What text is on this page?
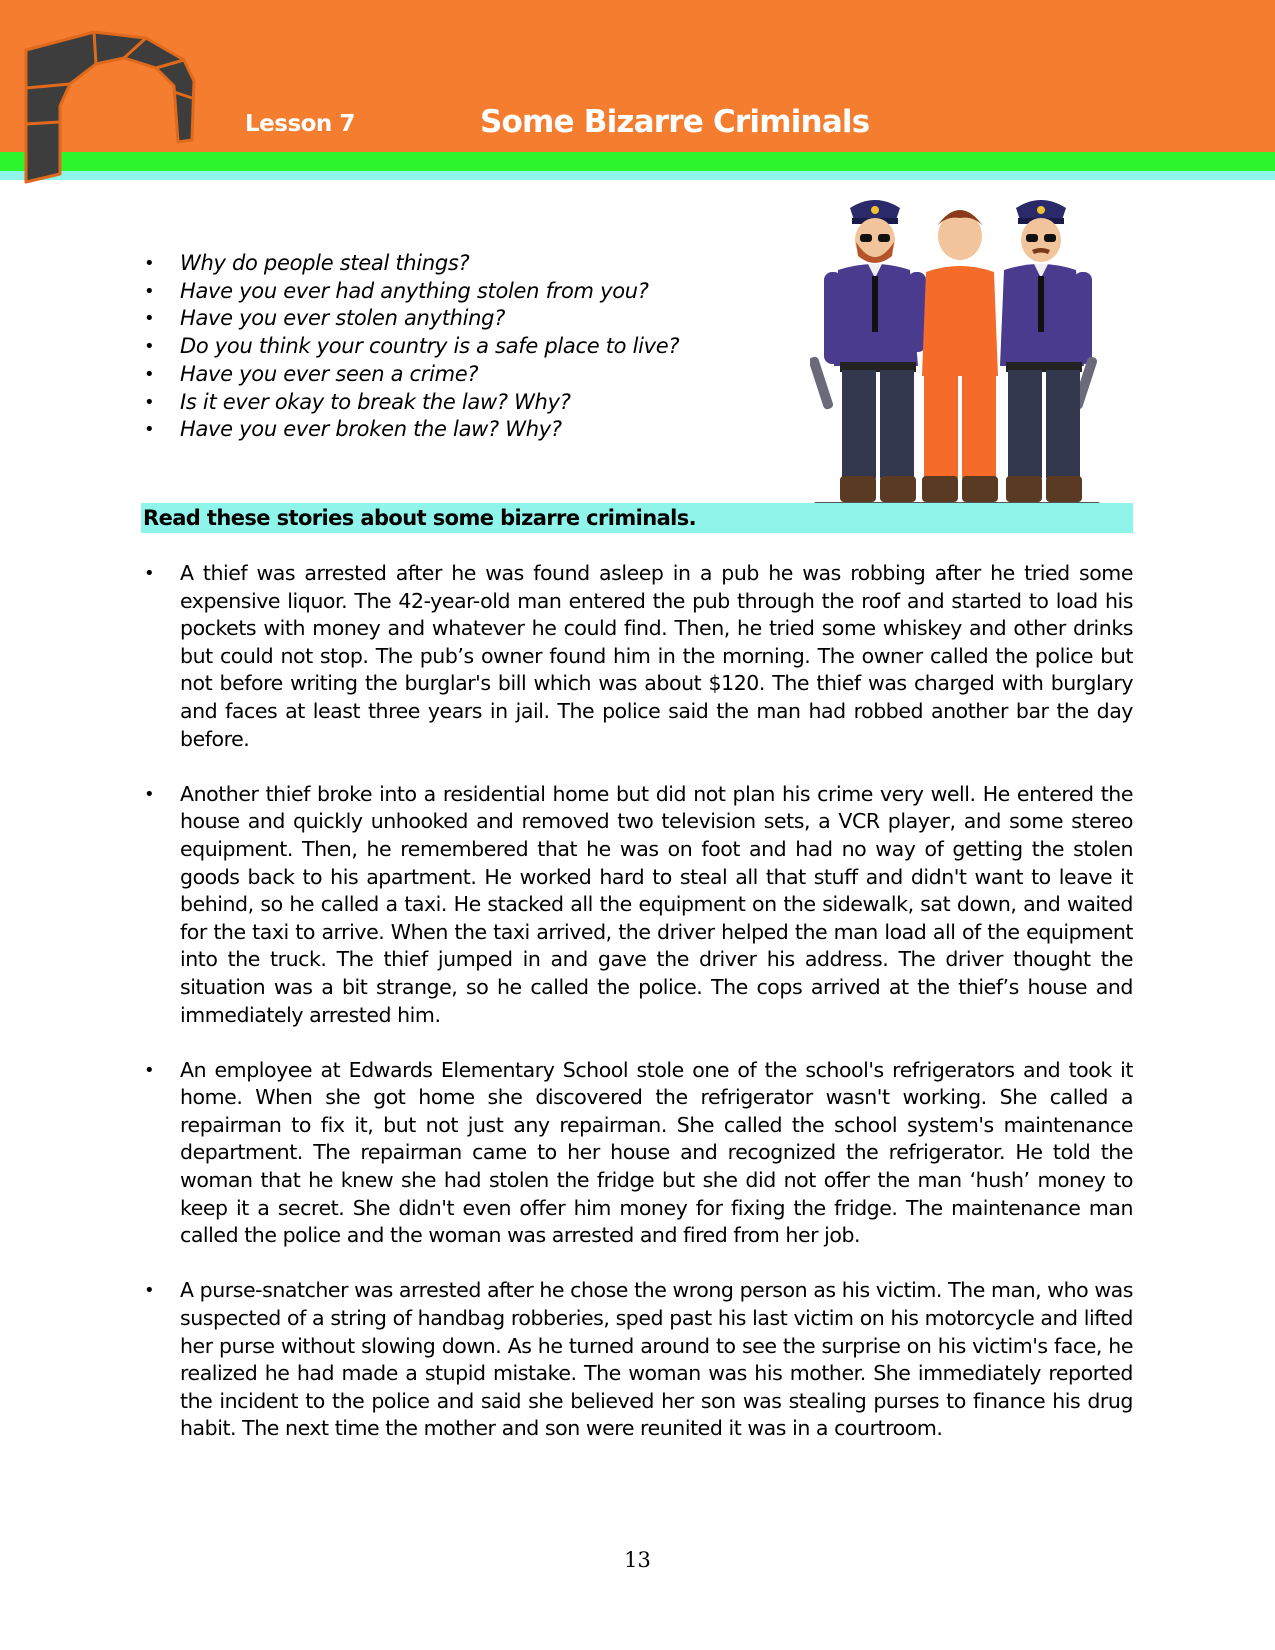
Lesson 7	Some Bizarre Criminals
• Why do people steal things?
• Have you ever had anything stolen from you?
• Have you ever stolen anything?
• Do you think your country is a safe place to live?
• Have you ever seen a crime?
• Is it ever okay to break the law? Why?
• Have you ever broken the law? Why?
Read these stories about some bizarre criminals.
• A thief was arrested after he was found asleep in a pub he was robbing after he tried some expensive liquor. The 42-year-old man entered the pub through the roof and started to load his pockets with money and whatever he could find. Then, he tried some whiskey and other drinks but could not stop. The pub’s owner found him in the morning. The owner called the police but not before writing the burglar's bill which was about $120. The thief was charged with burglary and faces at least three years in jail. The police said the man had robbed another bar the day before.
• Another thief broke into a residential home but did not plan his crime very well. He entered the house and quickly unhooked and removed two television sets, a VCR player, and some stereo equipment. Then, he remembered that he was on foot and had no way of getting the stolen goods back to his apartment. He worked hard to steal all that stuff and didn't want to leave it behind, so he called a taxi. He stacked all the equipment on the sidewalk, sat down, and waited for the taxi to arrive. When the taxi arrived, the driver helped the man load all of the equipment into the truck. The thief jumped in and gave the driver his address. The driver thought the situation was a bit strange, so he called the police. The cops arrived at the thief’s house and immediately arrested him.
• An employee at Edwards Elementary School stole one of the school's refrigerators and took it home. When she got home she discovered the refrigerator wasn't working. She called a repairman to fix it, but not just any repairman. She called the school system's maintenance department. The repairman came to her house and recognized the refrigerator. He told the woman that he knew she had stolen the fridge but she did not offer the man ‘hush’ money to keep it a secret. She didn't even offer him money for fixing the fridge. The maintenance man called the police and the woman was arrested and fired from her job.
• A purse-snatcher was arrested after he chose the wrong person as his victim. The man, who was suspected of a string of handbag robberies, sped past his last victim on his motorcycle and lifted her purse without slowing down. As he turned around to see the surprise on his victim's face, he realized he had made a stupid mistake. The woman was his mother. She immediately reported the incident to the police and said she believed her son was stealing purses to finance his drug habit. The next time the mother and son were reunited it was in a courtroom.
13
